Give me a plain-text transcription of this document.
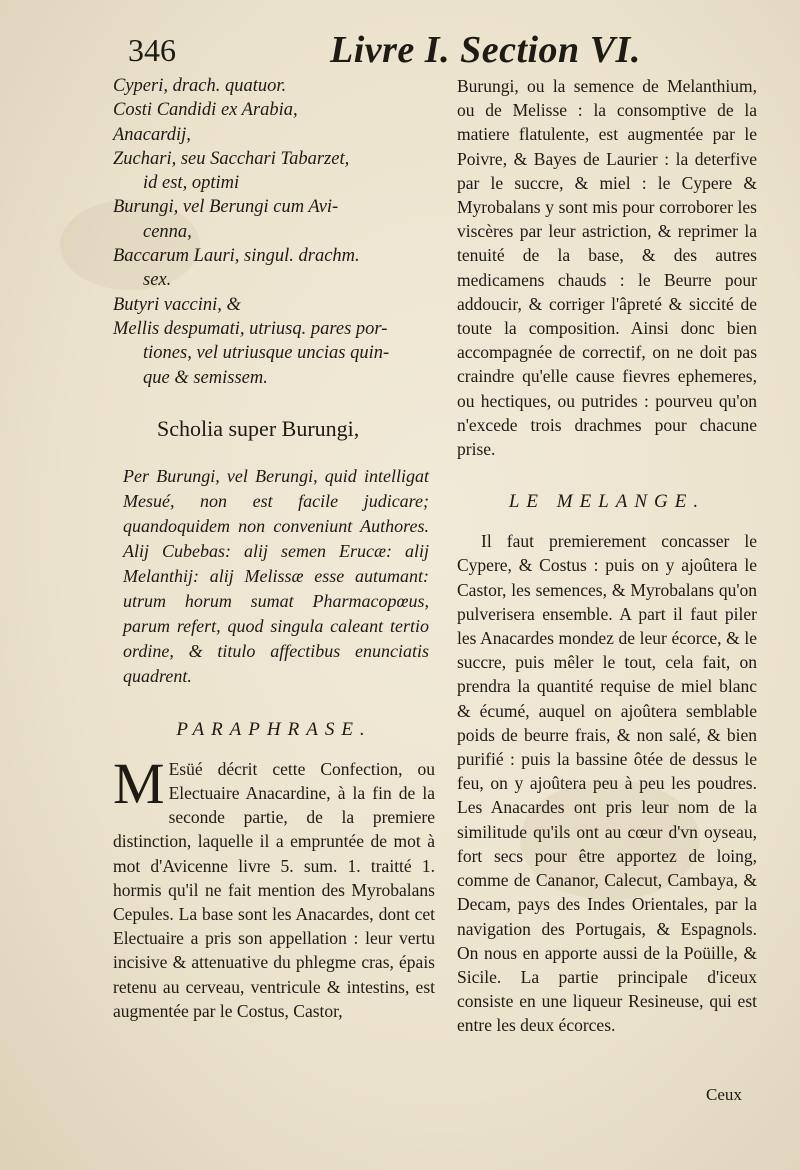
346	Livre I. Section VI.
Cyperi, drach. quatuor.
Costi Candidi ex Arabia,
Anacardij,
Zuchari, seu Sacchari Tabarzet,
id est, optimi
Burungi, vel Berungi cum Avi-
cenna,
Baccarum Lauri, singul. drachm.
sex.
Butyri vaccini, &
Mellis despumati, utriusq. pares por-
tiones, vel utriusque uncias quin-
que & semissem.
Scholia super Burungi,

Per Burungi, vel Berungi, quid intelligat Mesué, non est facile judicare; quandoquidem non conveniunt Authores. Alij Cubebas: alij semen Erucæ: alij Melanthij: alij Melissæ esse autumant: utrum horum sumat Pharmacopœus, parum refert, quod singula caleant tertio ordine, & titulo affectibus enunciatis quadrent.

PARAPHRASE.

M Esüé décrit cette Confection, ou Electuaire Anacardine, à la fin de la seconde partie, de la premiere distinction, laquelle il a empruntée de mot à mot d'Avicenne livre 5. sum. 1. traitté 1. hormis qu'il ne fait mention des Myrobalans Cepules. La base sont les Anacardes, dont cet Electuaire a pris son appellation : leur vertu incisive & attenuative du phlegme cras, épais retenu au cerveau, ventricule & intestins, est augmentée par le Costus, Castor,

Burungi, ou la semence de Melanthium, ou de Melisse : la consomptive de la matiere flatulente, est augmentée par le Poivre, & Bayes de Laurier : la deterfive par le succre, & miel : le Cypere & Myrobalans y sont mis pour corroborer les viscères par leur astriction, & reprimer la tenuité de la base, & des autres medicamens chauds : le Beurre pour addoucir, & corriger l'âpreté & siccité de toute la composition. Ainsi donc bien accompagnée de correctif, on ne doit pas craindre qu'elle cause fievres ephemeres, ou hectiques, ou putrides : pourveu qu'on n'excede trois drachmes pour chacune prise.

LE MELANGE.

Il faut premierement concasser le Cypere, & Costus : puis on y ajoûtera le Castor, les semences, & Myrobalans qu'on pulverisera ensemble. A part il faut piler les Anacardes mondez de leur écorce, & le succre, puis mêler le tout, cela fait, on prendra la quantité requise de miel blanc & écumé, auquel on ajoûtera semblable poids de beurre frais, & non salé, & bien purifié : puis la bassine ôtée de dessus le feu, on y ajoûtera peu à peu les poudres. Les Anacardes ont pris leur nom de la similitude qu'ils ont au cœur d'vn oyseau, fort secs pour être apportez de loing, comme de Cananor, Calecut, Cambaya, & Decam, pays des Indes Orientales, par la navigation des Portugais, & Espagnols. On nous en apporte aussi de la Poüille, & Sicile. La partie principale d'iceux consiste en une liqueur Resineuse, qui est entre les deux écorces.

Ceux
